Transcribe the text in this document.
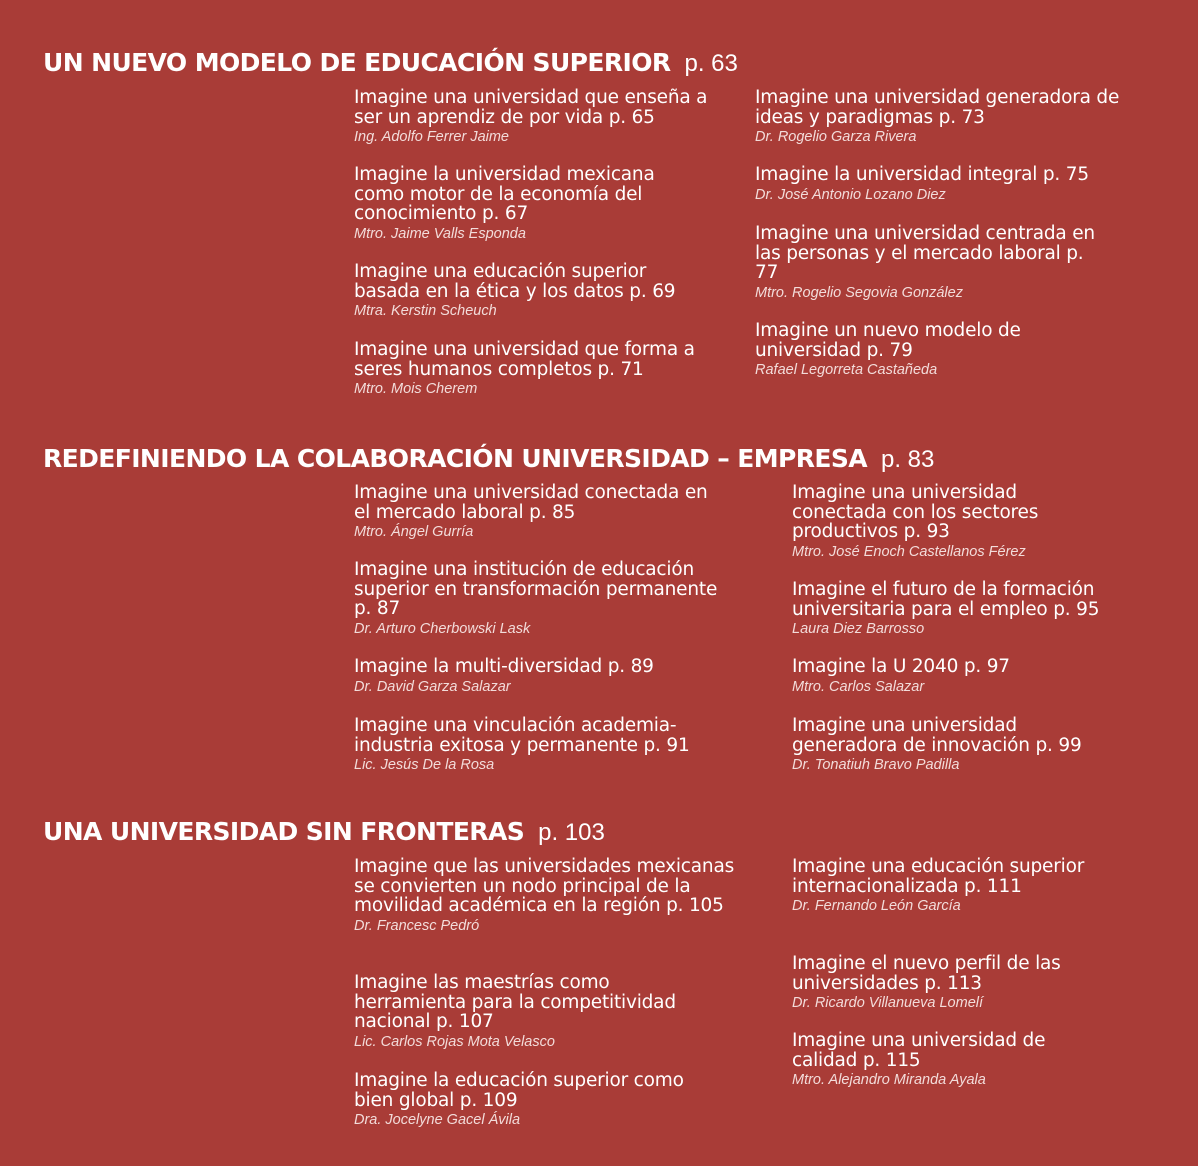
UN NUEVO MODELO DE EDUCACIÓN SUPERIOR p. 63
Imagine una universidad que enseña a ser un aprendiz de por vida p. 65
Ing. Adolfo Ferrer Jaime
Imagine la universidad mexicana como motor de la economía del conocimiento p. 67
Mtro. Jaime Valls Esponda
Imagine una educación superior basada en la ética y los datos p. 69
Mtra. Kerstin Scheuch
Imagine una universidad que forma a seres humanos completos p. 71
Mtro. Mois Cherem
Imagine una universidad generadora de ideas y paradigmas p. 73
Dr. Rogelio Garza Rivera
Imagine la universidad integral p. 75
Dr. José Antonio Lozano Diez
Imagine una universidad centrada en las personas y el mercado laboral p. 77
Mtro. Rogelio Segovia González
Imagine un nuevo modelo de universidad p. 79
Rafael Legorreta Castañeda
REDEFINIENDO LA COLABORACIÓN UNIVERSIDAD – EMPRESA p. 83
Imagine una universidad conectada en el mercado laboral p. 85
Mtro. Ángel Gurría
Imagine una institución de educación superior en transformación permanente p. 87
Dr. Arturo Cherbowski Lask
Imagine la multi-diversidad p. 89
Dr. David Garza Salazar
Imagine una vinculación academia-industria exitosa y permanente p. 91
Lic. Jesús De la Rosa
Imagine una universidad conectada con los sectores productivos p. 93
Mtro. José Enoch Castellanos Férez
Imagine el futuro de la formación universitaria para el empleo p. 95
Laura Diez Barrosso
Imagine la U 2040 p. 97
Mtro. Carlos Salazar
Imagine una universidad generadora de innovación p. 99
Dr. Tonatiuh Bravo Padilla
UNA UNIVERSIDAD SIN FRONTERAS p. 103
Imagine que las universidades mexicanas se convierten un nodo principal de la movilidad académica en la región p. 105
Dr. Francesc Pedró
Imagine las maestrías como herramienta para la competitividad nacional p. 107
Lic. Carlos Rojas Mota Velasco
Imagine la educación superior como bien global p. 109
Dra. Jocelyne Gacel Ávila
Imagine una educación superior internacionalizada p. 111
Dr. Fernando León García
Imagine el nuevo perfil de las universidades p. 113
Dr. Ricardo Villanueva Lomelí
Imagine una universidad de calidad p. 115
Mtro. Alejandro Miranda Ayala
